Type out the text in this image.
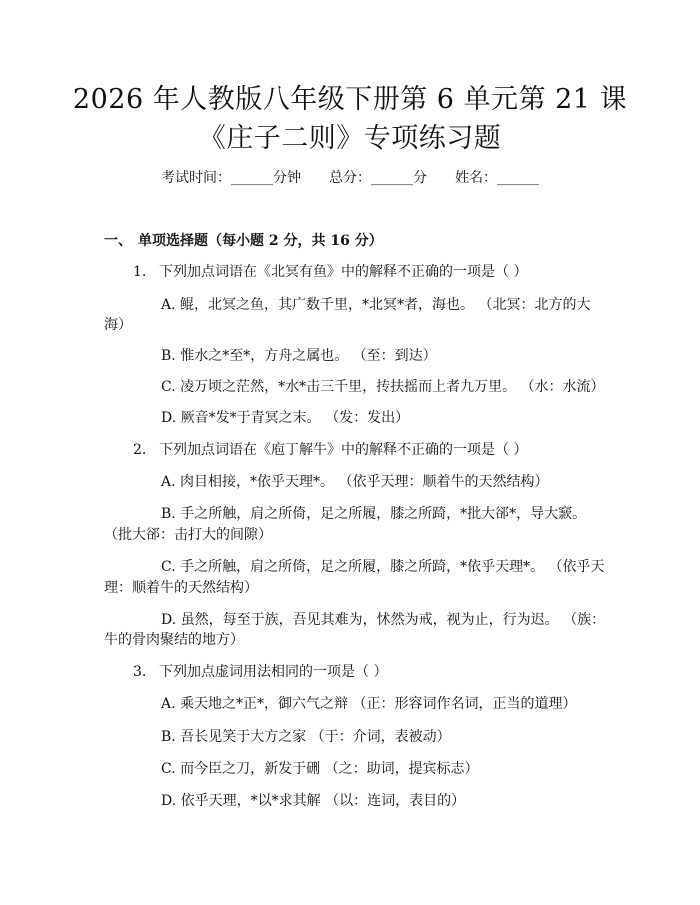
2026 年人教版八年级下册第 6 单元第 21 课
《庄子二则》专项练习题
考试时间：______分钟 总分：______分 姓名：______
一、 单项选择题（每小题 2 分，共 16 分）
1. 下列加点词语在《北冥有鱼》中的解释不正确的一项是（ ）
A. 鲲，北冥之鱼，其广数千里，*北冥*者，海也。 （北冥：北方的大
海）
B. 惟水之*至*，方舟之属也。 （至：到达）
C. 凌万顷之茫然，*水*击三千里，抟扶摇而上者九万里。 （水：水流）
D. 厥音*发*于青冥之末。 （发：发出）
2. 下列加点词语在《庖丁解牛》中的解释不正确的一项是（ ）
A. 肉目相接，*依乎天理*。 （依乎天理：顺着牛的天然结构）
B. 手之所触，肩之所倚，足之所履，膝之所踦，*批大郤*，导大窾。
（批大郤：击打大的间隙）
C. 手之所触，肩之所倚，足之所履，膝之所踦，*依乎天理*。 （依乎天
理：顺着牛的天然结构）
D. 虽然，每至于族，吾见其难为，怵然为戒，视为止，行为迟。 （族：
牛的骨肉聚结的地方）
3. 下列加点虚词用法相同的一项是（ ）
A. 乘天地之*正*，御六气之辩 （正：形容词作名词，正当的道理）
B. 吾长见笑于大方之家 （于：介词，表被动）
C. 而今臣之刀，新发于硎 （之：助词，提宾标志）
D. 依乎天理，*以*求其解 （以：连词，表目的）
